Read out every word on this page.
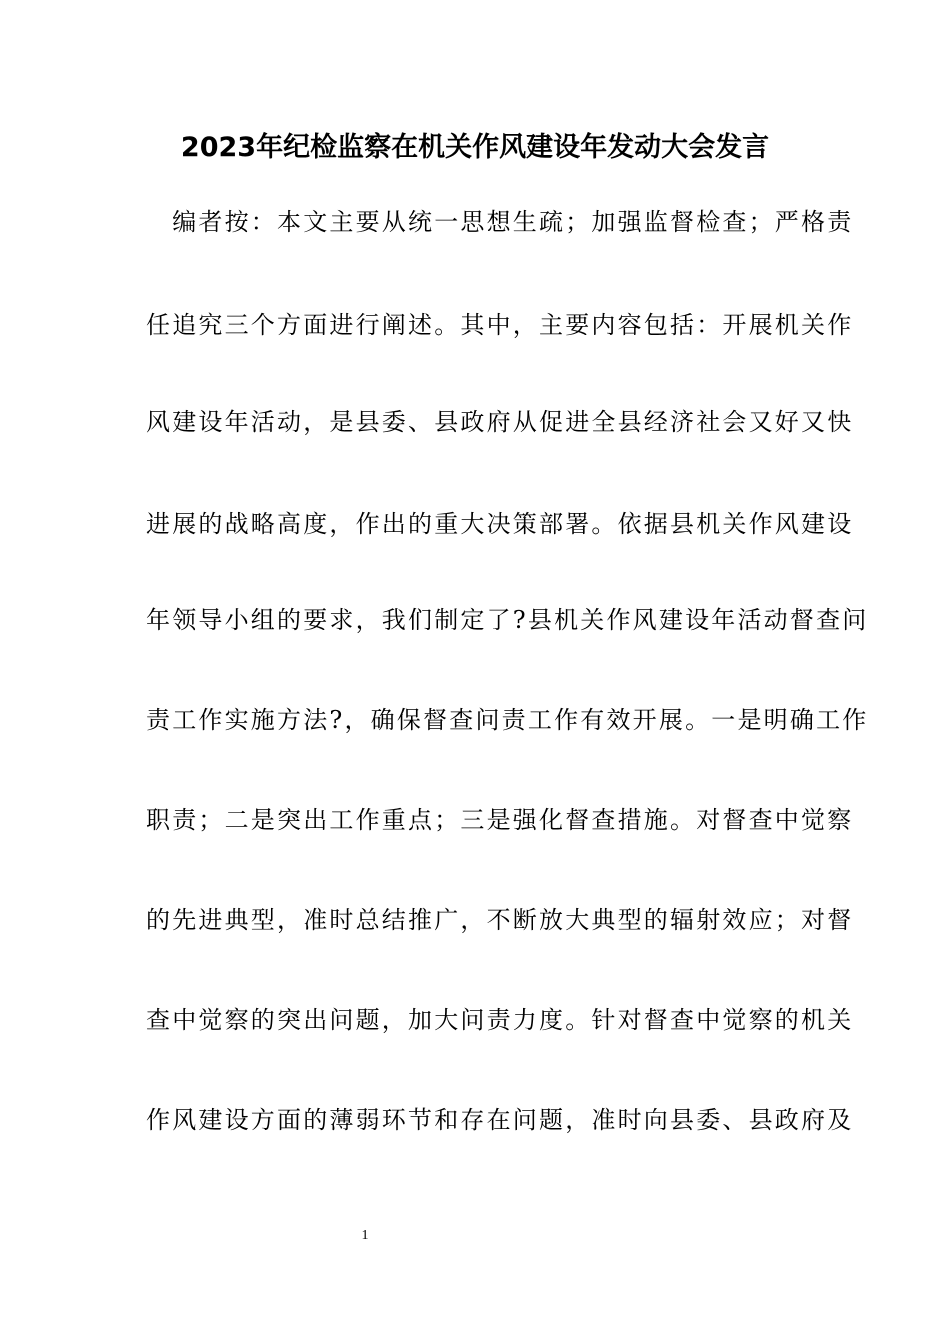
2023年纪检监察在机关作风建设年发动大会发言
　编者按：本文主要从统一思想生疏；加强监督检查；严格责
任追究三个方面进行阐述。其中，主要内容包括：开展机关作
风建设年活动，是县委、县政府从促进全县经济社会又好又快
进展的战略高度，作出的重大决策部署。依据县机关作风建设
年领导小组的要求，我们制定了?县机关作风建设年活动督查问
责工作实施方法?，确保督查问责工作有效开展。一是明确工作
职责；二是突出工作重点；三是强化督查措施。对督查中觉察
的先进典型，准时总结推广，不断放大典型的辐射效应；对督
查中觉察的突出问题，加大问责力度。针对督查中觉察的机关
作风建设方面的薄弱环节和存在问题，准时向县委、县政府及
1
